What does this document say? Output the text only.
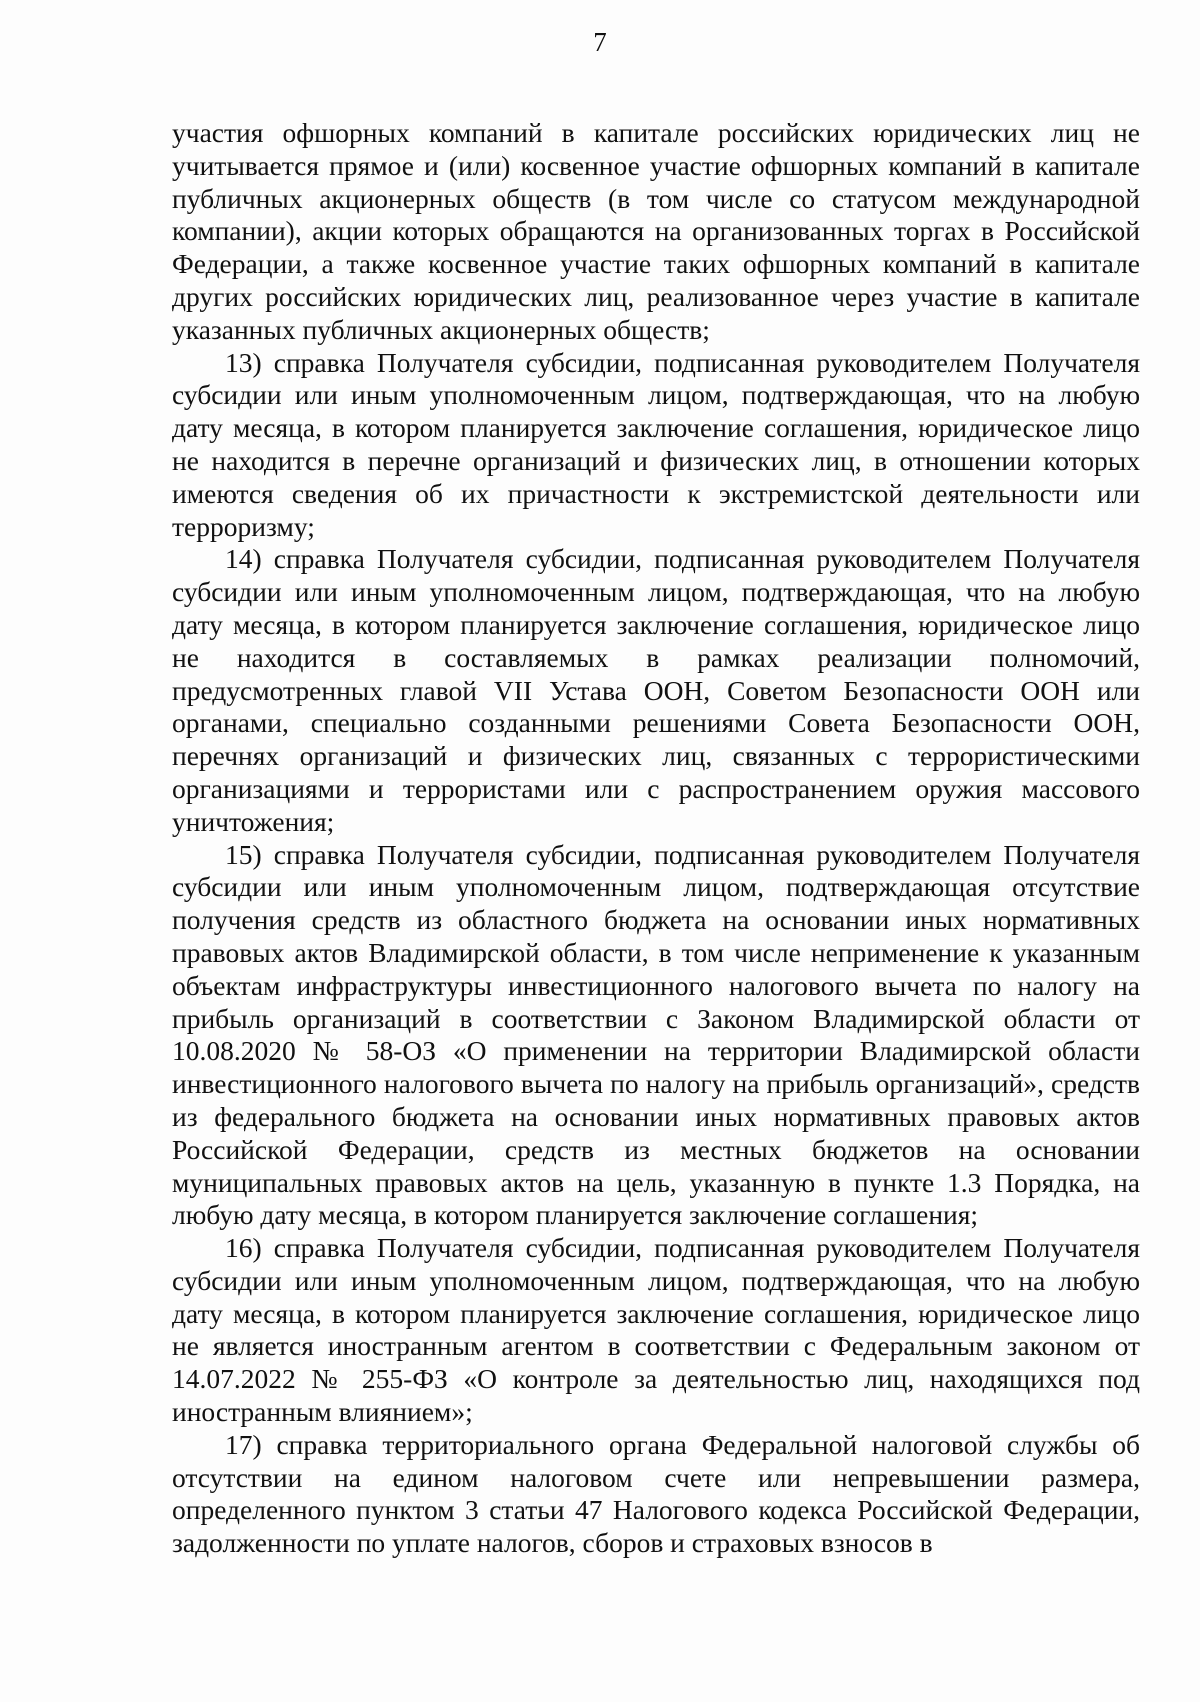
7

участия офшорных компаний в капитале российских юридических лиц не учитывается прямое и (или) косвенное участие офшорных компаний в капитале публичных акционерных обществ (в том числе со статусом международной компании), акции которых обращаются на организованных торгах в Российской Федерации, а также косвенное участие таких офшорных компаний в капитале других российских юридических лиц, реализованное через участие в капитале указанных публичных акционерных обществ;

13) справка Получателя субсидии, подписанная руководителем Получателя субсидии или иным уполномоченным лицом, подтверждающая, что на любую дату месяца, в котором планируется заключение соглашения, юридическое лицо не находится в перечне организаций и физических лиц, в отношении которых имеются сведения об их причастности к экстремистской деятельности или терроризму;

14) справка Получателя субсидии, подписанная руководителем Получателя субсидии или иным уполномоченным лицом, подтверждающая, что на любую дату месяца, в котором планируется заключение соглашения, юридическое лицо не находится в составляемых в рамках реализации полномочий, предусмотренных главой VII Устава ООН, Советом Безопасности ООН или органами, специально созданными решениями Совета Безопасности ООН, перечнях организаций и физических лиц, связанных с террористическими организациями и террористами или с распространением оружия массового уничтожения;

15) справка Получателя субсидии, подписанная руководителем Получателя субсидии или иным уполномоченным лицом, подтверждающая отсутствие получения средств из областного бюджета на основании иных нормативных правовых актов Владимирской области, в том числе неприменение к указанным объектам инфраструктуры инвестиционного налогового вычета по налогу на прибыль организаций в соответствии с Законом Владимирской области от 10.08.2020 № 58-ОЗ «О применении на территории Владимирской области инвестиционного налогового вычета по налогу на прибыль организаций», средств из федерального бюджета на основании иных нормативных правовых актов Российской Федерации, средств из местных бюджетов на основании муниципальных правовых актов на цель, указанную в пункте 1.3 Порядка, на любую дату месяца, в котором планируется заключение соглашения;

16) справка Получателя субсидии, подписанная руководителем Получателя субсидии или иным уполномоченным лицом, подтверждающая, что на любую дату месяца, в котором планируется заключение соглашения, юридическое лицо не является иностранным агентом в соответствии с Федеральным законом от 14.07.2022 № 255-ФЗ «О контроле за деятельностью лиц, находящихся под иностранным влиянием»;

17) справка территориального органа Федеральной налоговой службы об отсутствии на едином налоговом счете или непревышении размера, определенного пунктом 3 статьи 47 Налогового кодекса Российской Федерации, задолженности по уплате налогов, сборов и страховых взносов в
